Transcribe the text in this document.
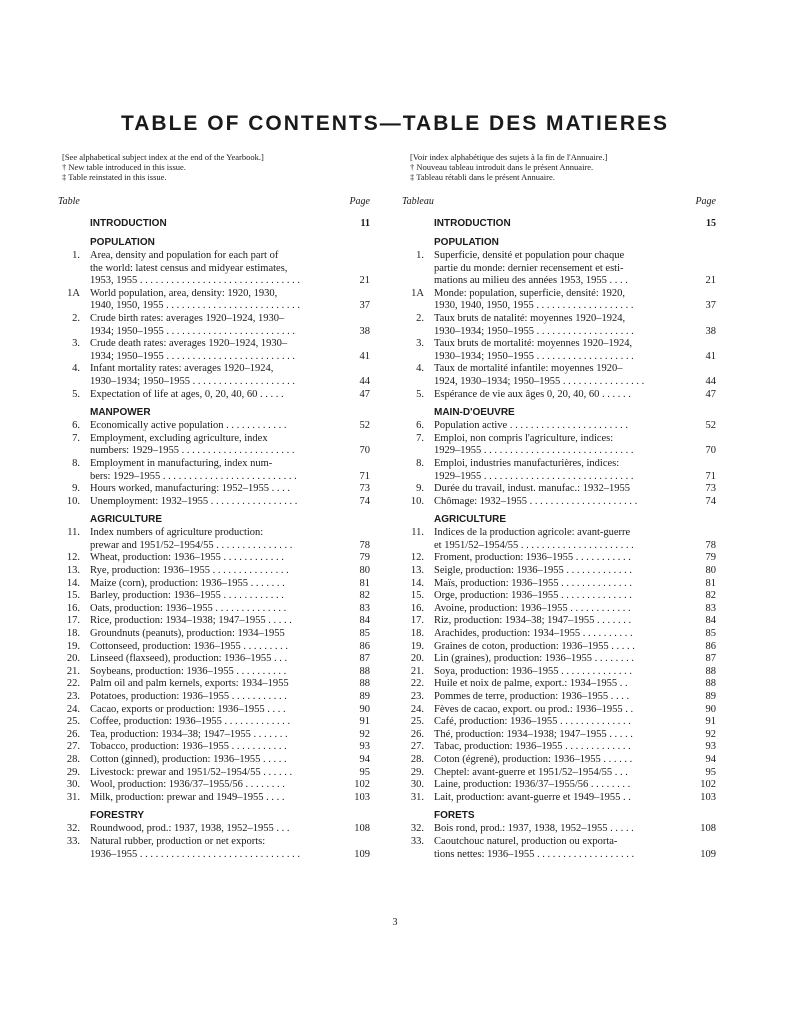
TABLE OF CONTENTS—TABLE DES MATIERES
[See alphabetical subject index at the end of the Yearbook.]
† New table introduced in this issue.
‡ Table reinstated in this issue.
[Voir index alphabétique des sujets à la fin de l'Annuaire.]
† Nouveau tableau introduit dans le présent Annuaire.
‡ Tableau rétabli dans le présent Annuaire.
Table	Page
INTRODUCTION	11
POPULATION
1. Area, density and population for each part of
the world: latest census and midyear estimates,
1953, 1955 . . . . . . . . . . . . . . . . . . . . . . . . . . . . . . .	21
1A World population, area, density: 1920, 1930,
1940, 1950, 1955 . . . . . . . . . . . . . . . . . . . . . . . . . .	37
2. Crude birth rates: averages 1920–1924, 1930–
1934; 1950–1955 . . . . . . . . . . . . . . . . . . . . . . . . .	38
3. Crude death rates: averages 1920–1924, 1930–
1934; 1950–1955 . . . . . . . . . . . . . . . . . . . . . . . . .	41
4. Infant mortality rates: averages 1920–1924,
1930–1934; 1950–1955 . . . . . . . . . . . . . . . . . . . .	44
5. Expectation of life at ages, 0, 20, 40, 60 . . . . .	47
MANPOWER
6. Economically active population . . . . . . . . . . . .	52
7. Employment, excluding agriculture, index
numbers: 1929–1955 . . . . . . . . . . . . . . . . . . . . . .	70
8. Employment in manufacturing, index num-
bers: 1929–1955 . . . . . . . . . . . . . . . . . . . . . . . . . .	71
9. Hours worked, manufacturing: 1952–1955 . . . .	73
10. Unemployment: 1932–1955 . . . . . . . . . . . . . . . . .	74
AGRICULTURE
11. Index numbers of agriculture production:
prewar and 1951/52–1954/55 . . . . . . . . . . . . . . .	78
12. Wheat, production: 1936–1955 . . . . . . . . . . . .	79
13. Rye, production: 1936–1955 . . . . . . . . . . . . . . .	80
14. Maize (corn), production: 1936–1955 . . . . . . .	81
15. Barley, production: 1936–1955 . . . . . . . . . . . .	82
16. Oats, production: 1936–1955 . . . . . . . . . . . . . .	83
17. Rice, production: 1934–1938; 1947–1955 . . . . .	84
18. Groundnuts (peanuts), production: 1934–1955	85
19. Cottonseed, production: 1936–1955 . . . . . . . . .	86
20. Linseed (flaxseed), production: 1936–1955 . . .	87
21. Soybeans, production: 1936–1955 . . . . . . . . . .	88
22. Palm oil and palm kernels, exports: 1934–1955	88
23. Potatoes, production: 1936–1955 . . . . . . . . . . .	89
24. Cacao, exports or production: 1936–1955 . . . .	90
25. Coffee, production: 1936–1955 . . . . . . . . . . . . .	91
26. Tea, production: 1934–38; 1947–1955 . . . . . . .	92
27. Tobacco, production: 1936–1955 . . . . . . . . . . .	93
28. Cotton (ginned), production: 1936–1955 . . . . .	94
29. Livestock: prewar and 1951/52–1954/55 . . . . . .	95
30. Wool, production: 1936/37–1955/56 . . . . . . . .	102
31. Milk, production: prewar and 1949–1955 . . . .	103
FORESTRY
32. Roundwood, prod.: 1937, 1938, 1952–1955 . . .	108
33. Natural rubber, production or net exports:
1936–1955 . . . . . . . . . . . . . . . . . . . . . . . . . . . . . . .	109
Tableau	Page
INTRODUCTION	15
POPULATION
1. Superficie, densité et population pour chaque
partie du monde: dernier recensement et esti-
mations au milieu des années 1953, 1955 . . . .	21
1A Monde: population, superficie, densité: 1920,
1930, 1940, 1950, 1955 . . . . . . . . . . . . . . . . . . .	37
2. Taux bruts de natalité: moyennes 1920–1924,
1930–1934; 1950–1955 . . . . . . . . . . . . . . . . . . .	38
3. Taux bruts de mortalité: moyennes 1920–1924,
1930–1934; 1950–1955 . . . . . . . . . . . . . . . . . . .	41
4. Taux de mortalité infantile: moyennes 1920–
1924, 1930–1934; 1950–1955 . . . . . . . . . . . . . . . .	44
5. Espérance de vie aux âges 0, 20, 40, 60 . . . . . .	47
MAIN-D'OEUVRE
6. Population active . . . . . . . . . . . . . . . . . . . . . . .	52
7. Emploi, non compris l'agriculture, indices:
1929–1955 . . . . . . . . . . . . . . . . . . . . . . . . . . . . .	70
8. Emploi, industries manufacturières, indices:
1929–1955 . . . . . . . . . . . . . . . . . . . . . . . . . . . . .	71
9. Durée du travail, indust. manufac.: 1932–1955	73
10. Chômage: 1932–1955 . . . . . . . . . . . . . . . . . . . . .	74
AGRICULTURE
11. Indices de la production agricole: avant-guerre
et 1951/52–1954/55 . . . . . . . . . . . . . . . . . . . . . .	78
12. Froment, production: 1936–1955 . . . . . . . . . . .	79
13. Seigle, production: 1936–1955 . . . . . . . . . . . . .	80
14. Maïs, production: 1936–1955 . . . . . . . . . . . . . .	81
15. Orge, production: 1936–1955 . . . . . . . . . . . . . .	82
16. Avoine, production: 1936–1955 . . . . . . . . . . . .	83
17. Riz, production: 1934–38; 1947–1955 . . . . . . .	84
18. Arachides, production: 1934–1955 . . . . . . . . . .	85
19. Graines de coton, production: 1936–1955 . . . . .	86
20. Lin (graines), production: 1936–1955 . . . . . . . .	87
21. Soya, production: 1936–1955 . . . . . . . . . . . . . .	88
22. Huile et noix de palme, export.: 1934–1955 . .	88
23. Pommes de terre, production: 1936–1955 . . . .	89
24. Fèves de cacao, export. ou prod.: 1936–1955 . .	90
25. Café, production: 1936–1955 . . . . . . . . . . . . . .	91
26. Thé, production: 1934–1938; 1947–1955 . . . . .	92
27. Tabac, production: 1936–1955 . . . . . . . . . . . . .	93
28. Coton (égrené), production: 1936–1955 . . . . . .	94
29. Cheptel: avant-guerre et 1951/52–1954/55 . . .	95
30. Laine, production: 1936/37–1955/56 . . . . . . . .	102
31. Lait, production: avant-guerre et 1949–1955 . .	103
FORETS
32. Bois rond, prod.: 1937, 1938, 1952–1955 . . . . .	108
33. Caoutchouc naturel, production ou exporta-
tions nettes: 1936–1955 . . . . . . . . . . . . . . . . . . .	109
3
